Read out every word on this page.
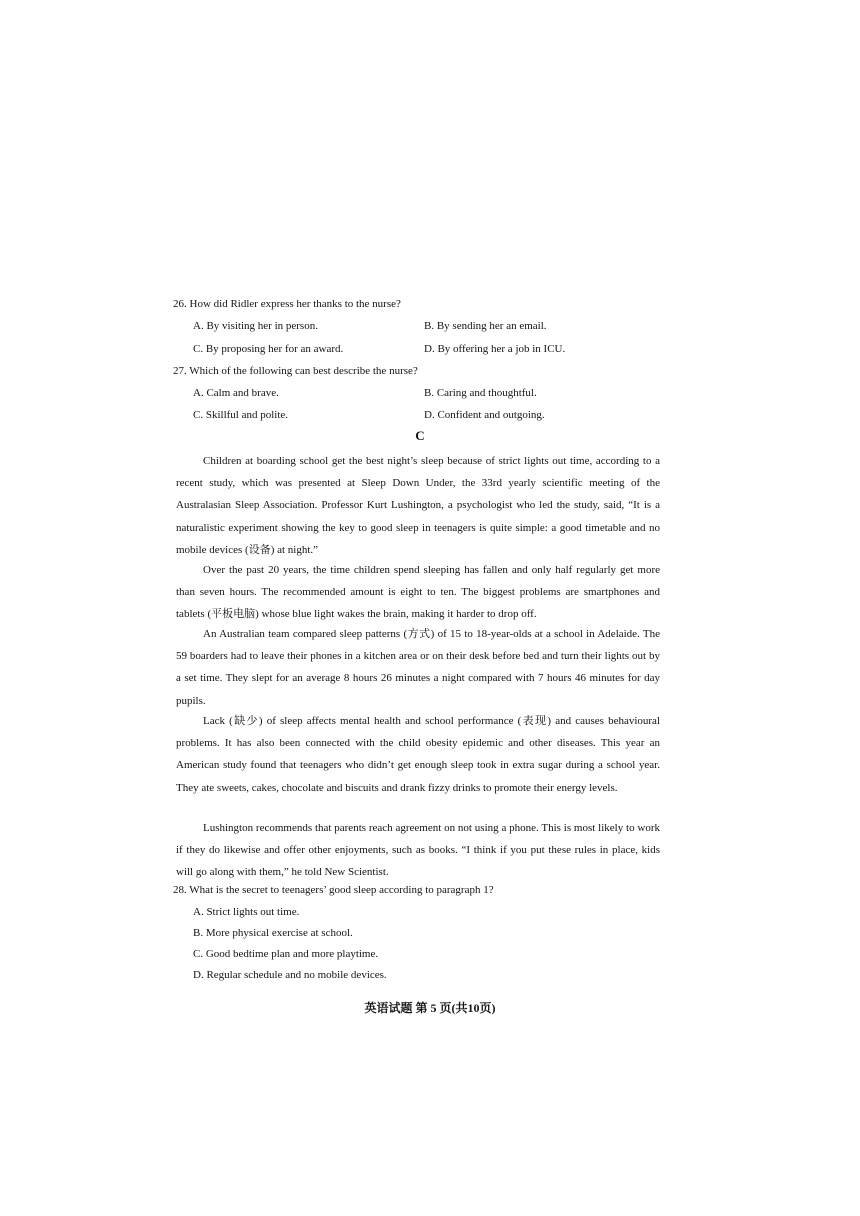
26. How did Ridler express her thanks to the nurse?
A. By visiting her in person.	B. By sending her an email.
C. By proposing her for an award.	D. By offering her a job in ICU.
27. Which of the following can best describe the nurse?
A. Calm and brave.	B. Caring and thoughtful.
C. Skillful and polite.	D. Confident and outgoing.
C
Children at boarding school get the best night’s sleep because of strict lights out time, according to a recent study, which was presented at Sleep Down Under, the 33rd yearly scientific meeting of the Australasian Sleep Association. Professor Kurt Lushington, a psychologist who led the study, said, “It is a naturalistic experiment showing the key to good sleep in teenagers is quite simple: a good timetable and no mobile devices (设备) at night.”
Over the past 20 years, the time children spend sleeping has fallen and only half regularly get more than seven hours. The recommended amount is eight to ten. The biggest problems are smartphones and tablets (平板电脑) whose blue light wakes the brain, making it harder to drop off.
An Australian team compared sleep patterns (方式) of 15 to 18-year-olds at a school in Adelaide. The 59 boarders had to leave their phones in a kitchen area or on their desk before bed and turn their lights out by a set time. They slept for an average 8 hours 26 minutes a night compared with 7 hours 46 minutes for day pupils.
Lack (缺少) of sleep affects mental health and school performance (表现) and causes behavioural problems. It has also been connected with the child obesity epidemic and other diseases. This year an American study found that teenagers who didn’t get enough sleep took in extra sugar during a school year. They ate sweets, cakes, chocolate and biscuits and drank fizzy drinks to promote their energy levels.
Lushington recommends that parents reach agreement on not using a phone. This is most likely to work if they do likewise and offer other enjoyments, such as books. “I think if you put these rules in place, kids will go along with them,” he told New Scientist.
28. What is the secret to teenagers’ good sleep according to paragraph 1?
A. Strict lights out time.
B. More physical exercise at school.
C. Good bedtime plan and more playtime.
D. Regular schedule and no mobile devices.
英语试题 第 5 页(共10页)
